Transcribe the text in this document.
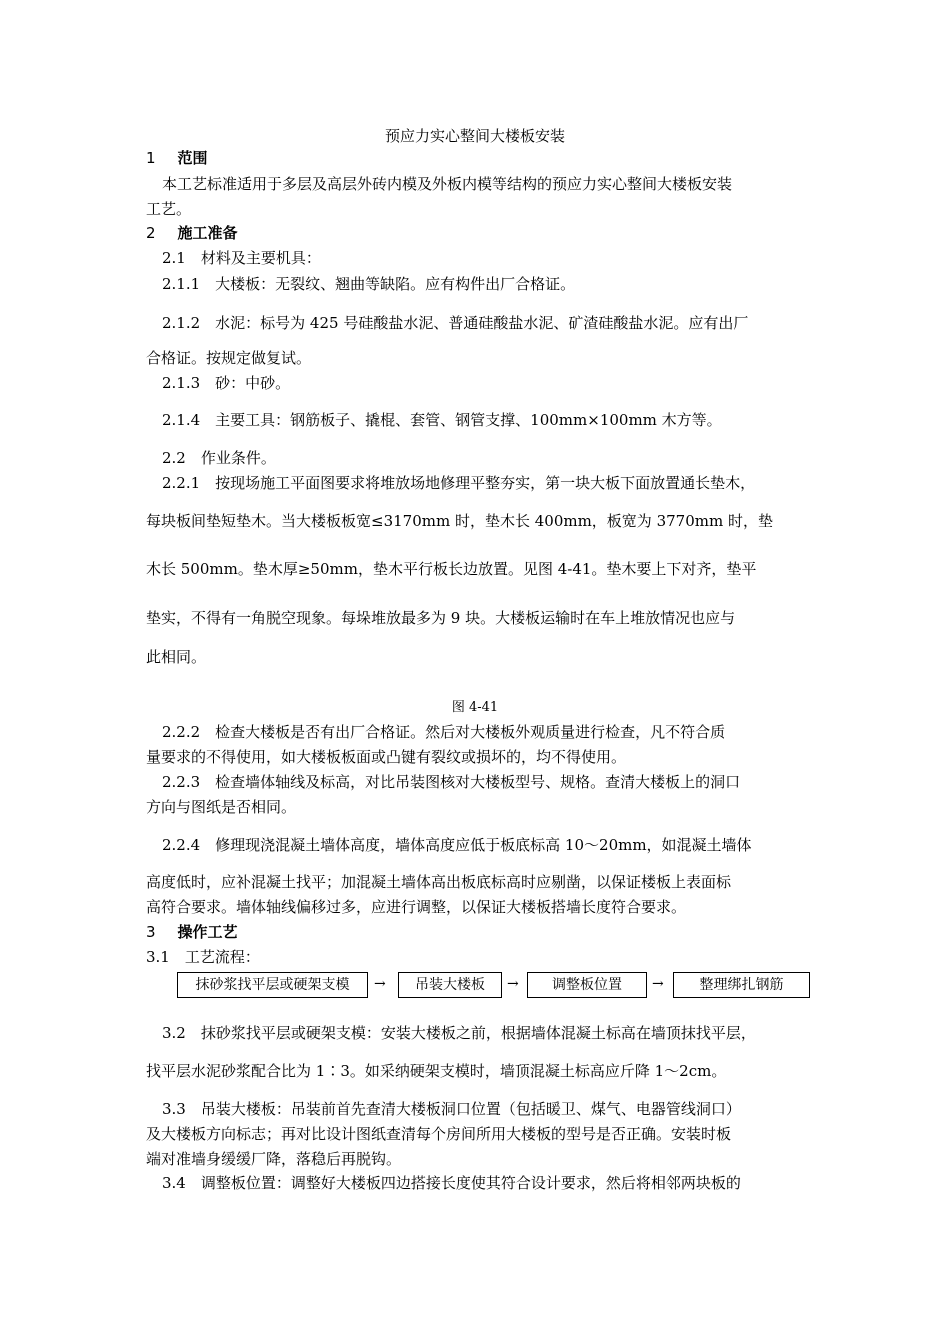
预应力实心整间大楼板安装
1 范围
本工艺标准适用于多层及高层外砖内模及外板内模等结构的预应力实心整间大楼板安装
工艺。
2 施工准备
2.1　材料及主要机具：
2.1.1　大楼板：无裂纹、翘曲等缺陷。应有构件出厂合格证。
2.1.2　水泥：标号为 425 号硅酸盐水泥、普通硅酸盐水泥、矿渣硅酸盐水泥。应有出厂
合格证。按规定做复试。
2.1.3　砂：中砂。
2.1.4　主要工具：钢筋板子、撬棍、套管、钢管支撑、100mm×100mm 木方等。
2.2　作业条件。
2.2.1　按现场施工平面图要求将堆放场地修理平整夯实，第一块大板下面放置通长垫木，
每块板间垫短垫木。当大楼板板宽≤3170mm 时，垫木长 400mm，板宽为 3770mm 时，垫
木长 500mm。垫木厚≥50mm，垫木平行板长边放置。见图 4-41。垫木要上下对齐，垫平
垫实，不得有一角脱空现象。每垛堆放最多为 9 块。大楼板运输时在车上堆放情况也应与
此相同。
图 4-41
2.2.2　检查大楼板是否有出厂合格证。然后对大楼板外观质量进行检查，凡不符合质
量要求的不得使用，如大楼板板面或凸键有裂纹或损坏的，均不得使用。
2.2.3　检查墙体轴线及标高，对比吊装图核对大楼板型号、规格。查清大楼板上的洞口
方向与图纸是否相同。
2.2.4　修理现浇混凝土墙体高度，墙体高度应低于板底标高 10～20mm，如混凝土墙体
高度低时，应补混凝土找平；加混凝土墙体高出板底标高时应剔凿，以保证楼板上表面标
高符合要求。墙体轴线偏移过多，应进行调整，以保证大楼板搭墙长度符合要求。
3 操作工艺
3.1　工艺流程：
抹砂浆找平层或硬架支模	→	吊装大楼板	→	调整板位置	→	整理绑扎钢筋
3.2　抹砂浆找平层或硬架支模：安装大楼板之前，根据墙体混凝土标高在墙顶抹找平层，
找平层水泥砂浆配合比为 1∶3。如采纳硬架支模时，墙顶混凝土标高应斤降 1～2cm。
3.3　吊装大楼板：吊装前首先查清大楼板洞口位置（包括暖卫、煤气、电器管线洞口）
及大楼板方向标志；再对比设计图纸查清每个房间所用大楼板的型号是否正确。安装时板
端对准墙身缓缓厂降，落稳后再脱钩。
3.4　调整板位置：调整好大楼板四边搭接长度使其符合设计要求，然后将相邻两块板的
